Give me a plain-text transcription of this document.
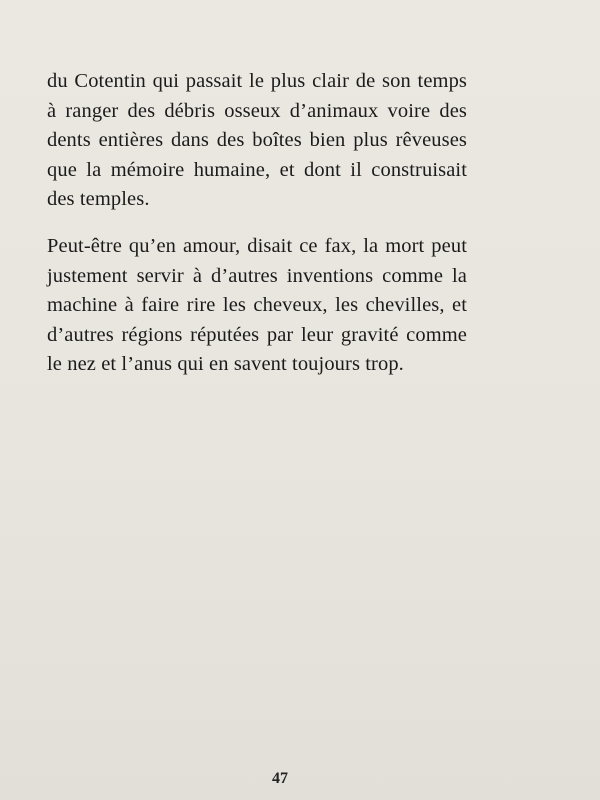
du Cotentin qui passait le plus clair de son temps
à ranger des débris osseux d’animaux voire des
dents entières dans des boîtes bien plus rêveuses
que la mémoire humaine, et dont il construisait
des temples.
Peut-être qu’en amour, disait ce fax, la mort peut
justement servir à d’autres inventions comme la
machine à faire rire les cheveux, les chevilles, et
d’autres régions réputées par leur gravité comme
le nez et l’anus qui en savent toujours trop.
47
